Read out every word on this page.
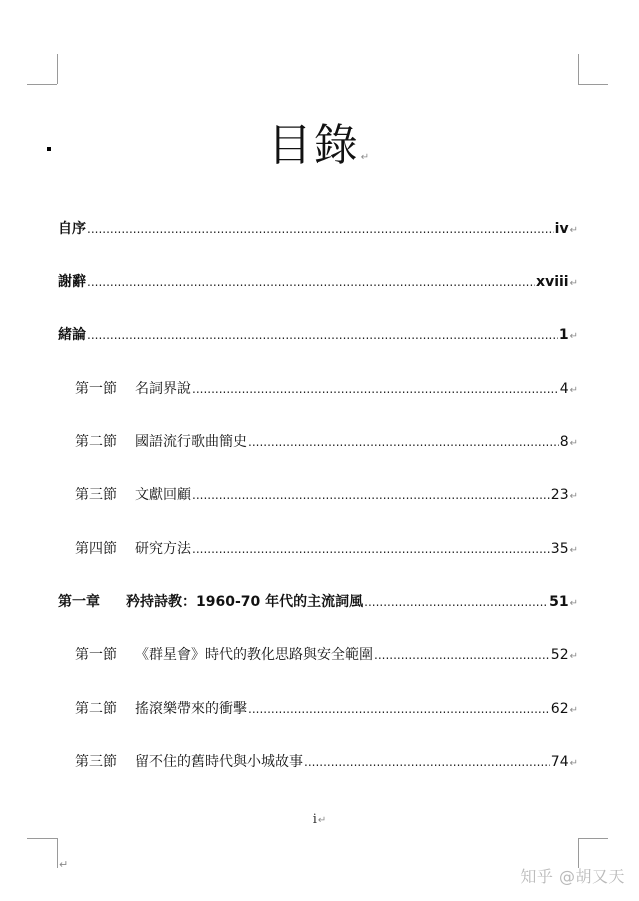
目錄↵
自序 .....	iv ↵
謝辭 .....	xviii ↵
緒論 .....	1 ↵
第一節 名詞界說 .....	4 ↵
第二節 國語流行歌曲簡史 .....	8 ↵
第三節 文獻回顧 .....	23 ↵
第四節 研究方法 .....	35 ↵
第一章 矜持詩教：1960-70 年代的主流詞風 .....	51 ↵
第一節 《群星會》時代的教化思路與安全範圍 .....	52 ↵
第二節 搖滾樂帶來的衝擊 .....	62 ↵
第三節 留不住的舊時代與小城故事 .....	74 ↵
i↵
↵
知乎 @胡又天
